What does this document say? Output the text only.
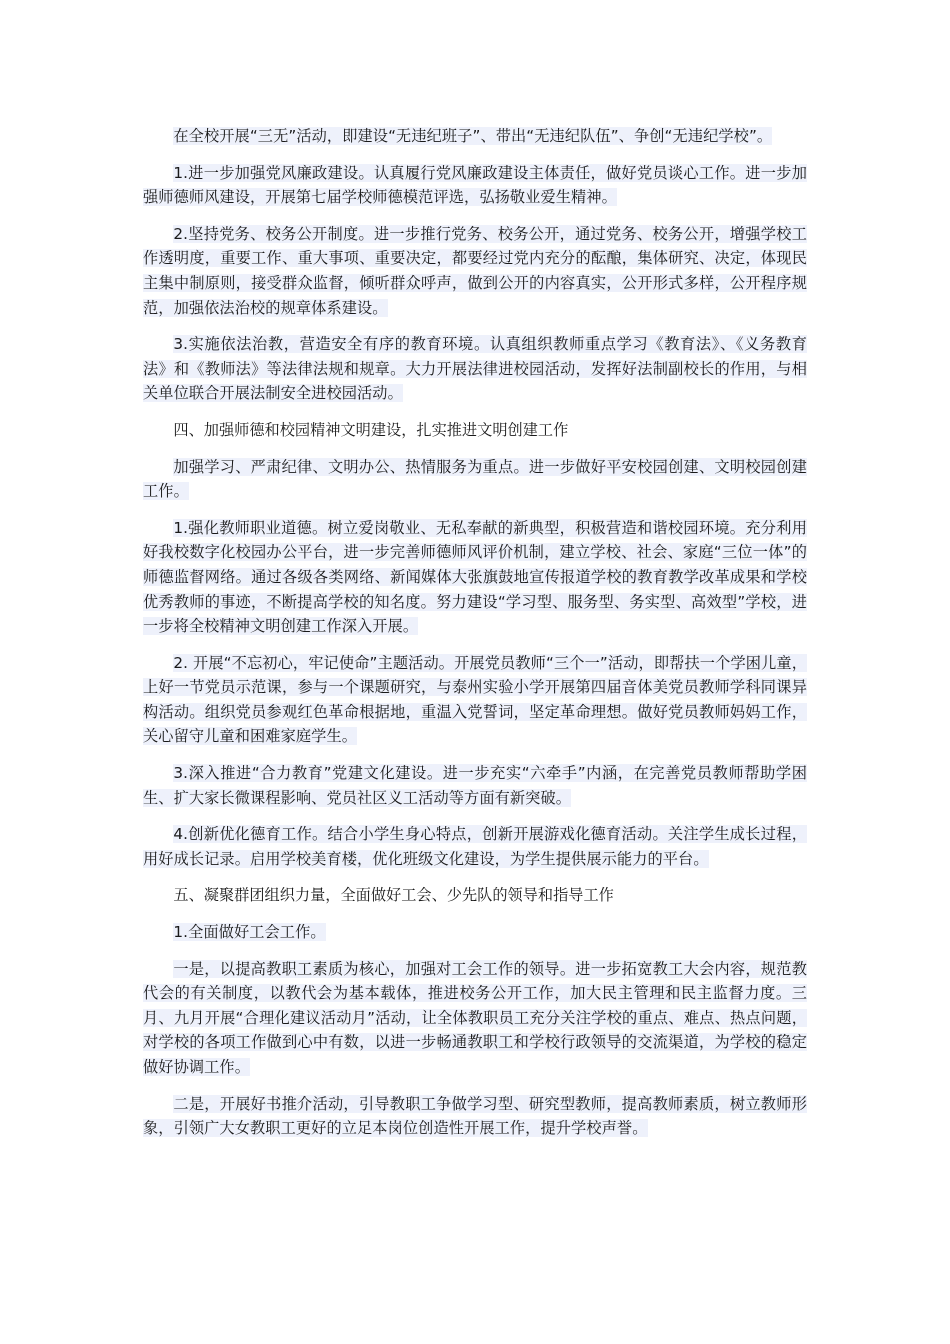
在全校开展“三无”活动，即建设“无违纪班子”、带出“无违纪队伍”、争创“无违纪学校”。

1.进一步加强党风廉政建设。认真履行党风廉政建设主体责任，做好党员谈心工作。进一步加强师德师风建设，开展第七届学校师德模范评选，弘扬敬业爱生精神。

2.坚持党务、校务公开制度。进一步推行党务、校务公开，通过党务、校务公开，增强学校工作透明度，重要工作、重大事项、重要决定，都要经过党内充分的酝酿，集体研究、决定，体现民主集中制原则，接受群众监督，倾听群众呼声，做到公开的内容真实，公开形式多样，公开程序规范，加强依法治校的规章体系建设。

3.实施依法治教，营造安全有序的教育环境。认真组织教师重点学习《教育法》、《义务教育法》和《教师法》等法律法规和规章。大力开展法律进校园活动，发挥好法制副校长的作用，与相关单位联合开展法制安全进校园活动。

四、加强师德和校园精神文明建设，扎实推进文明创建工作

加强学习、严肃纪律、文明办公、热情服务为重点。进一步做好平安校园创建、文明校园创建工作。

1.强化教师职业道德。树立爱岗敬业、无私奉献的新典型，积极营造和谐校园环境。充分利用好我校数字化校园办公平台，进一步完善师德师风评价机制，建立学校、社会、家庭“三位一体”的师德监督网络。通过各级各类网络、新闻媒体大张旗鼓地宣传报道学校的教育教学改革成果和学校优秀教师的事迹，不断提高学校的知名度。努力建设“学习型、服务型、务实型、高效型”学校，进一步将全校精神文明创建工作深入开展。

2. 开展“不忘初心，牢记使命”主题活动。开展党员教师“三个一”活动，即帮扶一个学困儿童，上好一节党员示范课，参与一个课题研究，与泰州实验小学开展第四届音体美党员教师学科同课异构活动。组织党员参观红色革命根据地，重温入党誓词，坚定革命理想。做好党员教师妈妈工作，关心留守儿童和困难家庭学生。

3.深入推进“合力教育”党建文化建设。进一步充实“六牵手”内涵，在完善党员教师帮助学困生、扩大家长微课程影响、党员社区义工活动等方面有新突破。

4.创新优化德育工作。结合小学生身心特点，创新开展游戏化德育活动。关注学生成长过程，用好成长记录。启用学校美育楼，优化班级文化建设，为学生提供展示能力的平台。

五、凝聚群团组织力量，全面做好工会、少先队的领导和指导工作

1.全面做好工会工作。

一是，以提高教职工素质为核心，加强对工会工作的领导。进一步拓宽教工大会内容，规范教代会的有关制度，以教代会为基本载体，推进校务公开工作，加大民主管理和民主监督力度。三月、九月开展“合理化建议活动月”活动，让全体教职员工充分关注学校的重点、难点、热点问题，对学校的各项工作做到心中有数，以进一步畅通教职工和学校行政领导的交流渠道，为学校的稳定做好协调工作。

二是，开展好书推介活动，引导教职工争做学习型、研究型教师，提高教师素质，树立教师形象，引领广大女教职工更好的立足本岗位创造性开展工作，提升学校声誉。
